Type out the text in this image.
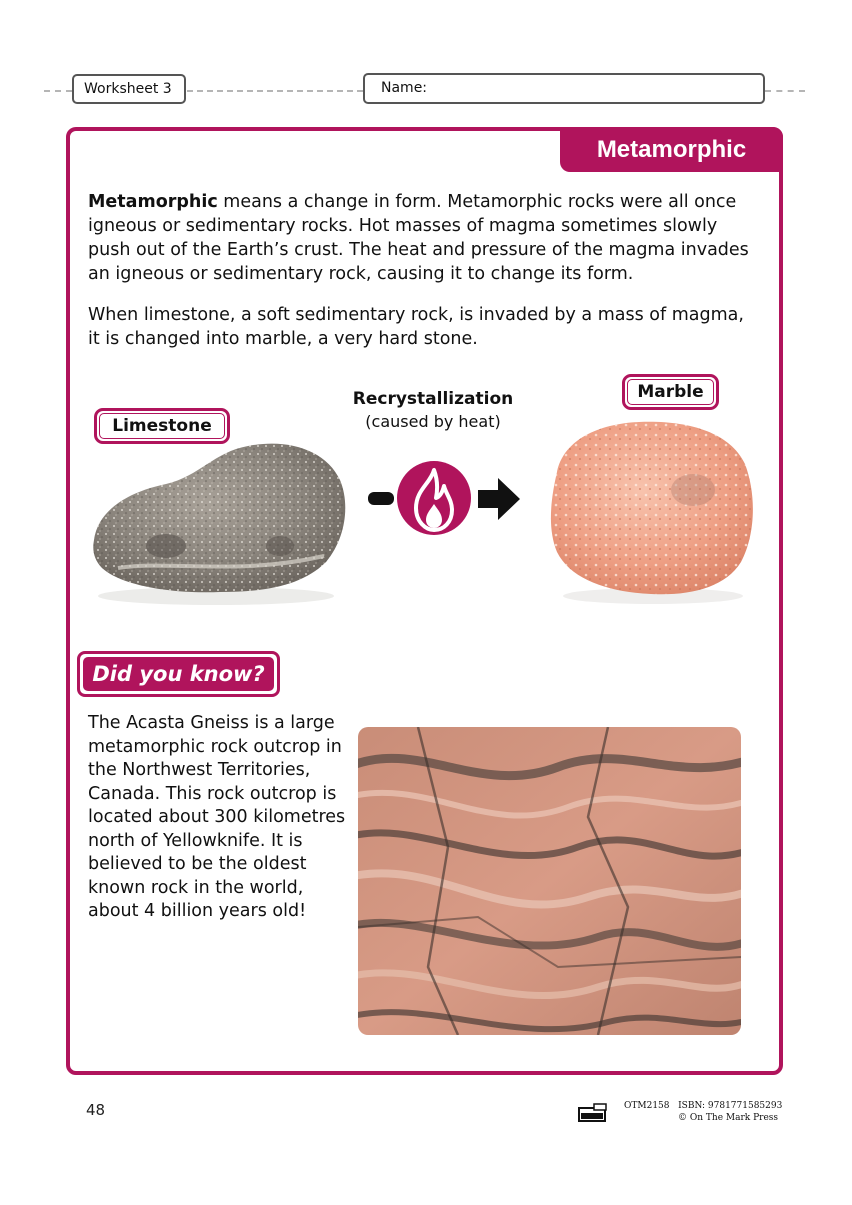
Worksheet 3	Name:
Metamorphic
Metamorphic means a change in form. Metamorphic rocks were all once igneous or sedimentary rocks. Hot masses of magma sometimes slowly push out of the Earth’s crust. The heat and pressure of the magma invades an igneous or sedimentary rock, causing it to change its form.
When limestone, a soft sedimentary rock, is invaded by a mass of magma, it is changed into marble, a very hard stone.
Limestone
Marble
Recrystallization
(caused by heat)
Did you know?
The Acasta Gneiss is a large metamorphic rock outcrop in the Northwest Territories, Canada. This rock outcrop is located about 300 kilometres north of Yellowknife. It is believed to be the oldest known rock in the world, about 4 billion years old!
48	OTM2158 ISBN: 9781771585293
© On The Mark Press
